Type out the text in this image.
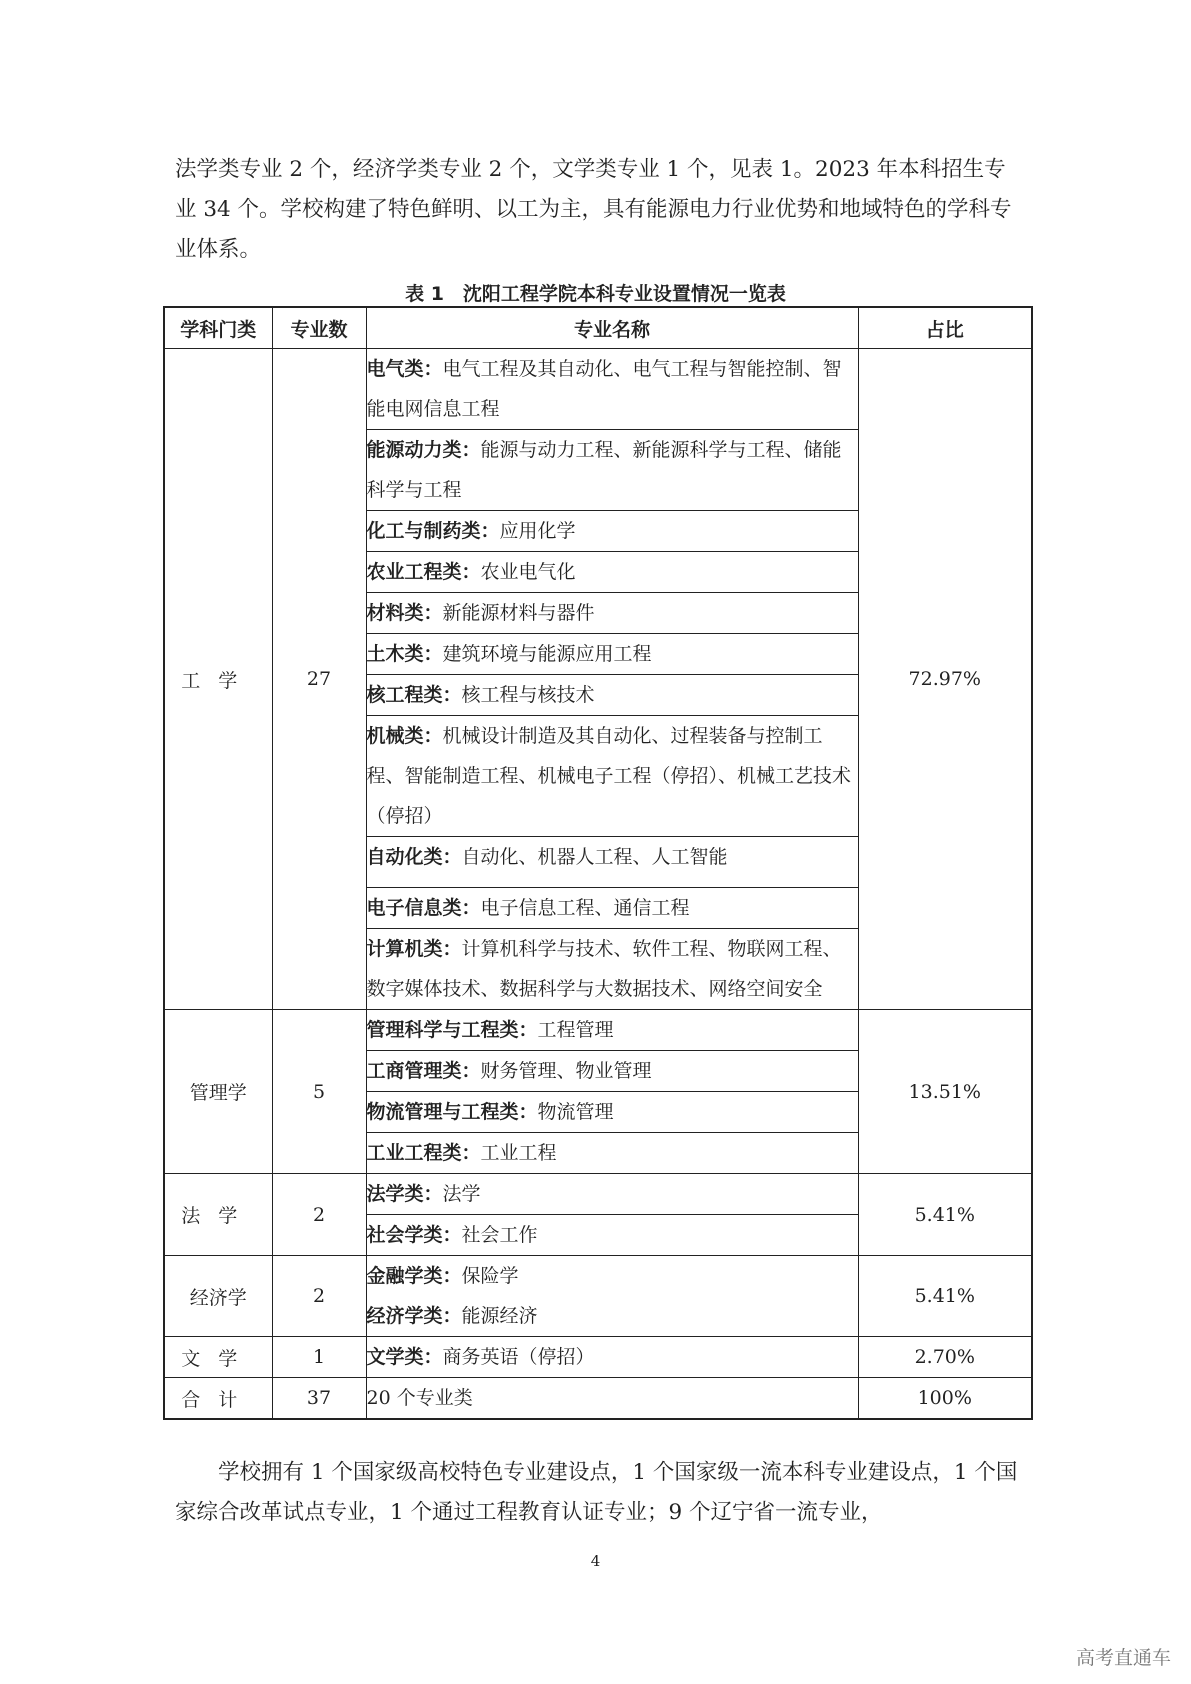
法学类专业 2 个，经济学类专业 2 个，文学类专业 1 个，见表 1。2023 年本科招生专业 34 个。学校构建了特色鲜明、以工为主，具有能源电力行业优势和地域特色的学科专业体系。

表 1　沈阳工程学院本科专业设置情况一览表
学科门类	专业数	专业名称	占比
工学	27	电气类：电气工程及其自动化、电气工程与智能控制、智能电网信息工程	72.97%
		能源动力类：能源与动力工程、新能源科学与工程、储能科学与工程	
		化工与制药类：应用化学	
		农业工程类：农业电气化	
		材料类：新能源材料与器件	
		土木类：建筑环境与能源应用工程	
		核工程类：核工程与核技术	
		机械类：机械设计制造及其自动化、过程装备与控制工程、智能制造工程、机械电子工程（停招）、机械工艺技术（停招）	
		自动化类：自动化、机器人工程、人工智能	
		电子信息类：电子信息工程、通信工程	
		计算机类：计算机科学与技术、软件工程、物联网工程、数字媒体技术、数据科学与大数据技术、网络空间安全	
管理学	5	管理科学与工程类：工程管理	13.51%
		工商管理类：财务管理、物业管理	
		物流管理与工程类：物流管理	
		工业工程类：工业工程	
法学	2	法学类：法学	5.41%
		社会学类：社会工作	
经济学	2	金融学类：保险学	5.41%
		经济学类：能源经济	
文学	1	文学类：商务英语（停招）	2.70%
合计	37	20 个专业类	100%

学校拥有 1 个国家级高校特色专业建设点，1 个国家级一流本科专业建设点，1 个国家综合改革试点专业，1 个通过工程教育认证专业；9 个辽宁省一流专业，

4
高考直通车
